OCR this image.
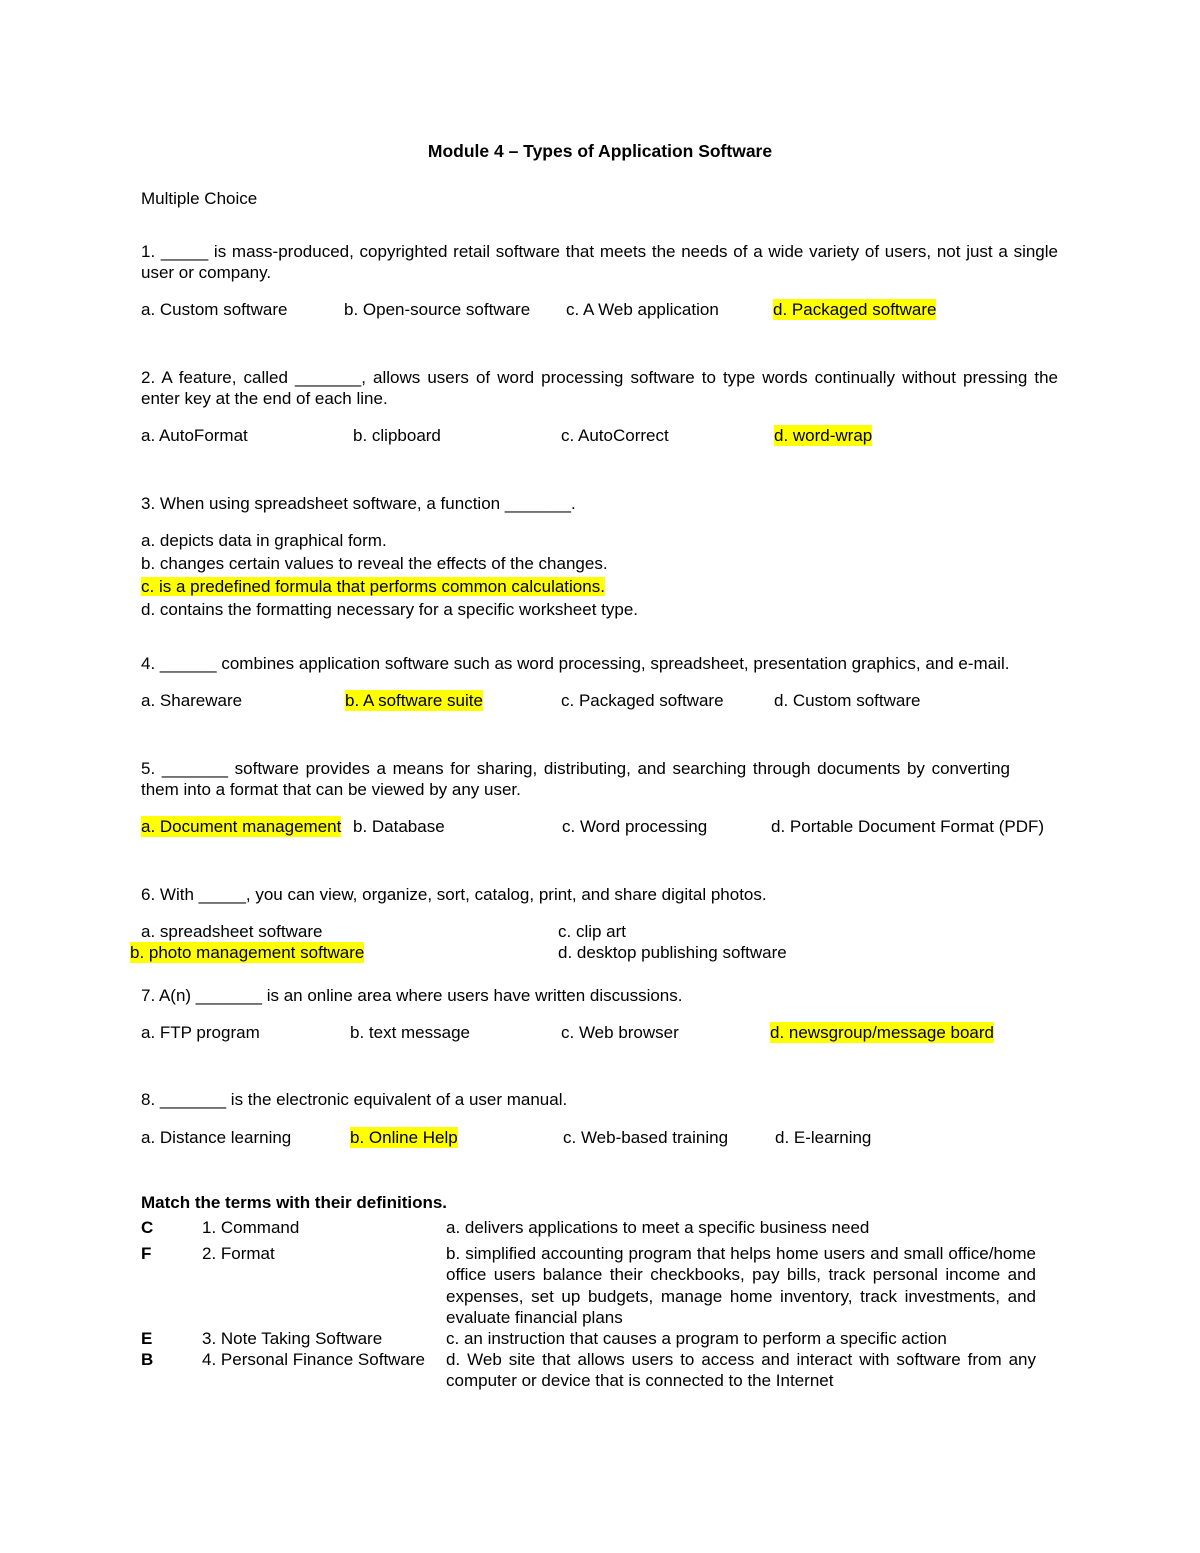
Module 4 – Types of Application Software
Multiple Choice
1. _____ is mass-produced, copyrighted retail software that meets the needs of a wide variety of users, not just a single user or company.
a. Custom software	b. Open-source software c. A Web application	d. Packaged software
2. A feature, called _______, allows users of word processing software to type words continually without pressing the enter key at the end of each line.
a. AutoFormat	b. clipboard	c. AutoCorrect	d. word-wrap
3. When using spreadsheet software, a function _______.
a. depicts data in graphical form.
b. changes certain values to reveal the effects of the changes.
c. is a predefined formula that performs common calculations.
d. contains the formatting necessary for a specific worksheet type.
4. ______ combines application software such as word processing, spreadsheet, presentation graphics, and e-mail.
a. Shareware	b. A software suite	c. Packaged software	d. Custom software
5. _______ software provides a means for sharing, distributing, and searching through documents by converting them into a format that can be viewed by any user.
a. Document management b. Database	c. Word processing	d. Portable Document Format (PDF)
6. With _____, you can view, organize, sort, catalog, print, and share digital photos.
a. spreadsheet software	c. clip art
b. photo management software	d. desktop publishing software
7. A(n) _______ is an online area where users have written discussions.
a. FTP program	b. text message	c. Web browser	d. newsgroup/message board
8. _______ is the electronic equivalent of a user manual.
a. Distance learning	b. Online Help	c. Web-based training	d. E-learning
Match the terms with their definitions.
C	1. Command	a. delivers applications to meet a specific business need
F	2. Format	b. simplified accounting program that helps home users and small office/home office users balance their checkbooks, pay bills, track personal income and expenses, set up budgets, manage home inventory, track investments, and evaluate financial plans
E	3. Note Taking Software	c. an instruction that causes a program to perform a specific action
B	4. Personal Finance Software	d. Web site that allows users to access and interact with software from any computer or device that is connected to the Internet
